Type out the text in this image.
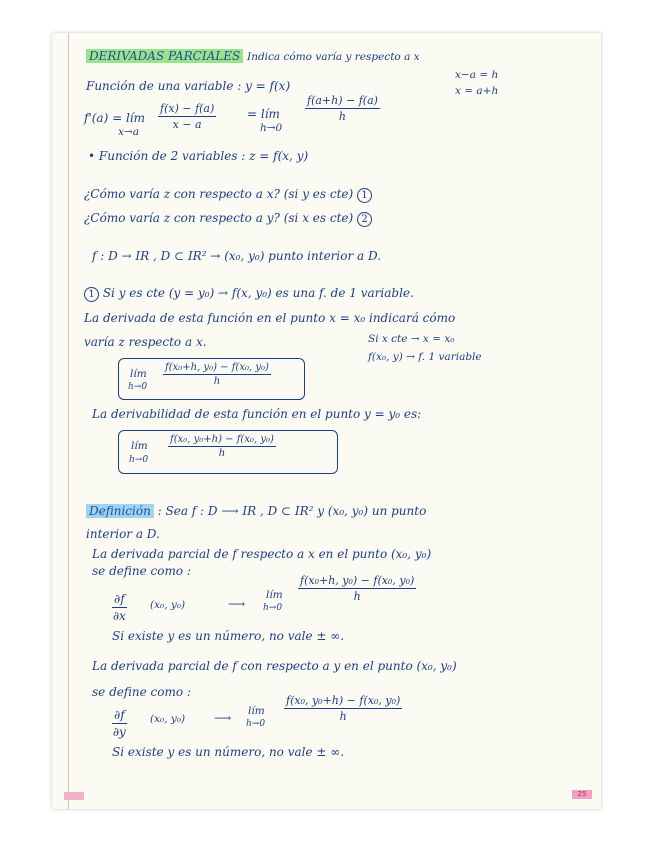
DERIVADAS PARCIALES Indica cómo varía y respecto a x
Función de una variable : y = f(x)
x−a = h
x = a+h
f'(a) = lím
x→a
$\frac{f(x) - f(a)}{x - a}$	= lím
h→0
$\frac{f(a+h) - f(a)}{h}$
• Función de 2 variables : z = f(x, y)
¿Cómo varía z con respecto a x? (si y es cte) 1
¿Cómo varía z con respecto a y? (si x es cte) 2
f : D → IR , D ⊂ IR² → (x₀, y₀) punto interior a D.
1 Si y es cte (y = y₀) → f(x, y₀) es una f. de 1 variable.
La derivada de esta función en el punto x = x₀ indicará cómo
varía z respecto a x.	Si x cte → x = x₀
f(x₀, y) → f. 1 variable
lím
$h\to 0 \frac{\text{f(x₀+h, y₀) − f(x₀, y₀)}}{h}$
La derivabilidad de esta función en el punto y = y₀ es:
lím
h→0
$\frac{\text{f(x₀, y₀+h) − f(x₀, y₀)}}{h}$
Definición : Sea f : D ⟶ IR , D ⊂ IR² y (x₀, y₀) un punto
interior a D.
La derivada parcial de f respecto a x en el punto (x₀, y₀)
se define como :
$\frac{\partial f}{\partial x} (x_0$, y₀)	⟶
lím
h→0
$\frac{\text{f(x₀+h, y₀) − f(x₀, y₀)}}{h}$
Si existe y es un número, no vale ± ∞.
La derivada parcial de f con respecto a y en el punto (x₀, y₀)
se define como :
$\frac{\partial f}{\partial y} (x_0$, y₀) ⟶ lím
h→0
$\frac{\text{f(x₀, y₀+h) − f(x₀, y₀)}}{h}$
Si existe y es un número, no vale ± ∞.
25
